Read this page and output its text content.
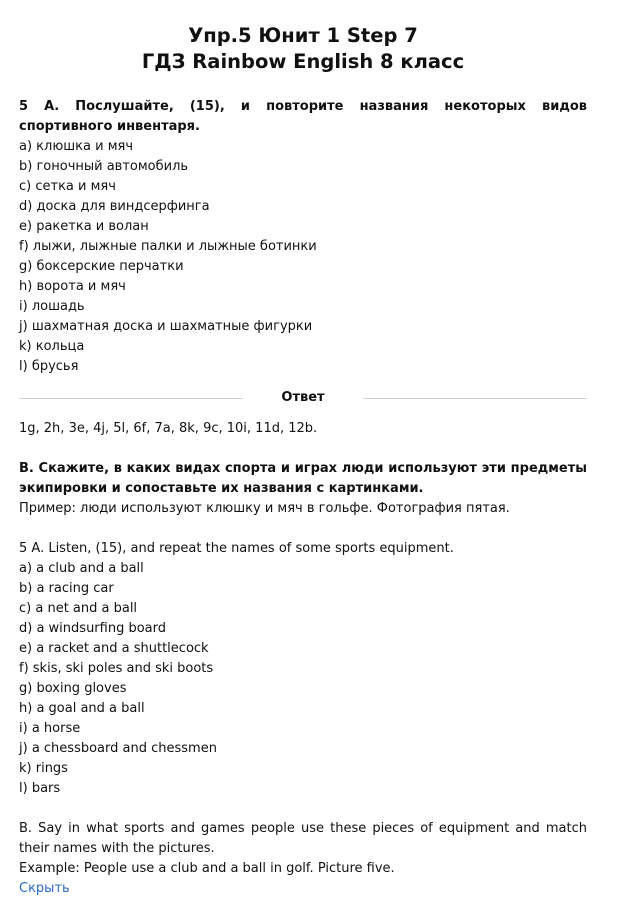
Упр.5 Юнит 1 Step 7
ГДЗ Rainbow English 8 класс
5 А. Послушайте, (15), и повторите названия некоторых видов спортивного инвентаря.
a) клюшка и мяч
b) гоночный автомобиль
c) сетка и мяч
d) доска для виндсерфинга
e) ракетка и волан
f) лыжи, лыжные палки и лыжные ботинки
g) боксерские перчатки
h) ворота и мяч
i) лошадь
j) шахматная доска и шахматные фигурки
k) кольца
l) брусья
Ответ
1g, 2h, 3e, 4j, 5l, 6f, 7a, 8k, 9c, 10i, 11d, 12b.
B. Скажите, в каких видах спорта и играх люди используют эти предметы экипировки и сопоставьте их названия с картинками.
Пример: люди используют клюшку и мяч в гольфе. Фотография пятая.
5 A. Listen, (15), and repeat the names of some sports equipment.
a) a club and a ball
b) a racing car
c) a net and a ball
d) a windsurfing board
e) a racket and a shuttlecock
f) skis, ski poles and ski boots
g) boxing gloves
h) a goal and a ball
i) a horse
j) a chessboard and chessmen
k) rings
l) bars
B. Say in what sports and games people use these pieces of equipment and match their names with the pictures.
Example: People use a club and a ball in golf. Picture five.
Скрыть
